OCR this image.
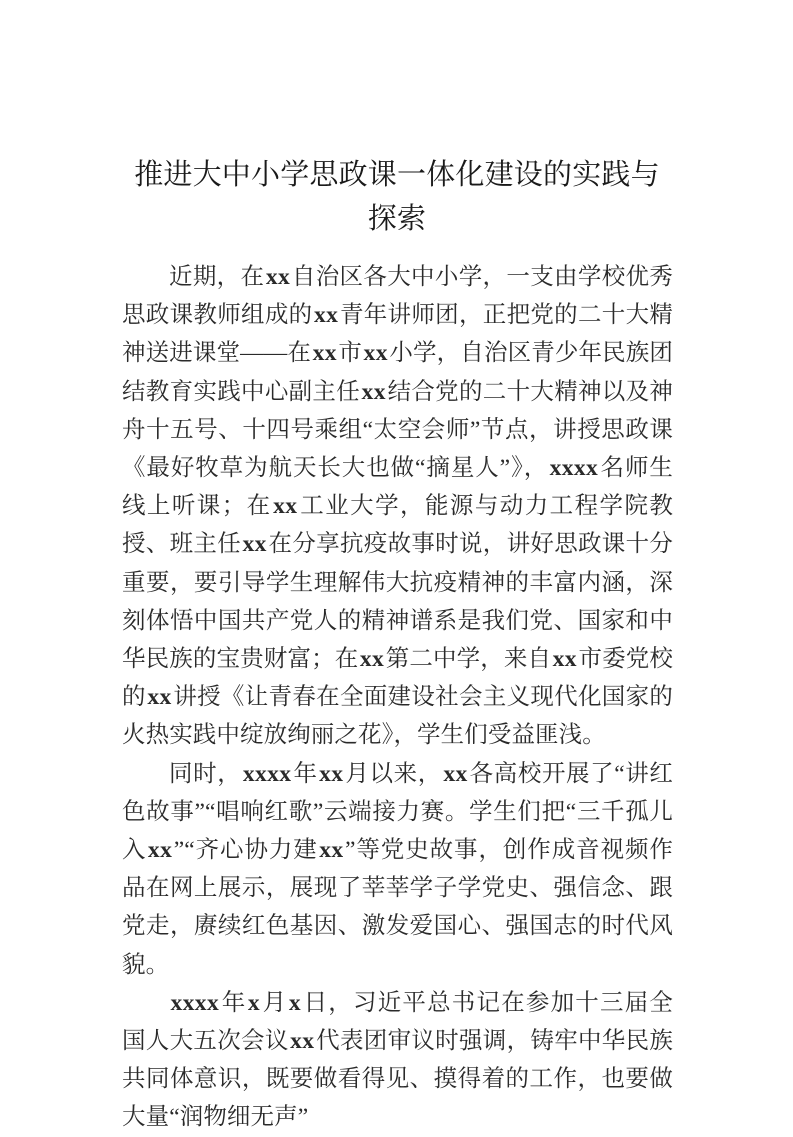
推进大中小学思政课一体化建设的实践与探索

近期，在xx自治区各大中小学，一支由学校优秀思政课教师组成的xx青年讲师团，正把党的二十大精神送进课堂——在xx市xx小学，自治区青少年民族团结教育实践中心副主任xx结合党的二十大精神以及神舟十五号、十四号乘组“太空会师”节点，讲授思政课《最好牧草为航天长大也做“摘星人”》，xxxx名师生线上听课；在xx工业大学，能源与动力工程学院教授、班主任xx在分享抗疫故事时说，讲好思政课十分重要，要引导学生理解伟大抗疫精神的丰富内涵，深刻体悟中国共产党人的精神谱系是我们党、国家和中华民族的宝贵财富；在xx第二中学，来自xx市委党校的xx讲授《让青春在全面建设社会主义现代化国家的火热实践中绽放绚丽之花》，学生们受益匪浅。

同时，xxxx年xx月以来，xx各高校开展了“讲红色故事”“唱响红歌”云端接力赛。学生们把“三千孤儿入xx”“齐心协力建xx”等党史故事，创作成音视频作品在网上展示，展现了莘莘学子学党史、强信念、跟党走，赓续红色基因、激发爱国心、强国志的时代风貌。

xxxx年x月x日，习近平总书记在参加十三届全国人大五次会议xx代表团审议时强调，铸牢中华民族共同体意识，既要做看得见、摸得着的工作，也要做大量“润物细无声”
